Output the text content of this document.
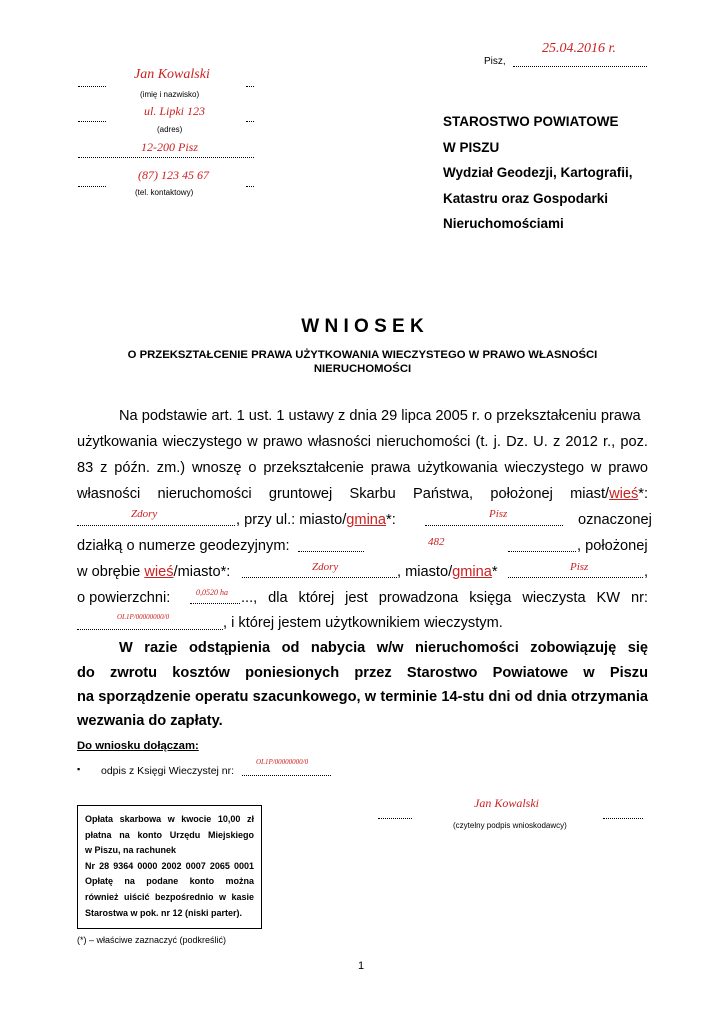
25.04.2016 r.
Pisz,
Jan Kowalski
(imię i nazwisko)
ul. Lipki 123
(adres)
12-200 Pisz
(87) 123 45 67
(tel. kontaktowy)
STAROSTWO POWIATOWE
W PISZU
Wydział Geodezji, Kartografii,
Katastru oraz Gospodarki
Nieruchomościami
W N I O S E K
O PRZEKSZTAŁCENIE PRAWA UŻYTKOWANIA WIECZYSTEGO W PRAWO WŁASNOŚCI
NIERUCHOMOŚCI
Na podstawie art. 1 ust. 1 ustawy z dnia 29 lipca 2005 r. o przekształceniu prawa
użytkowania wieczystego w prawo własności nieruchomości (t. j. Dz. U. z 2012 r., poz.
83 z późn. zm.) wnoszę o przekształcenie prawa użytkowania wieczystego w prawo
własności nieruchomości gruntowej Skarbu Państwa, położonej miast/wieś*:
Zdory	, przy ul.: miasto/gmina*:	Pisz	oznaczonej
działką o numerze geodezyjnym:	482	, położonej
w obrębie wieś/miasto*:	Zdory	, miasto/gmina*	Pisz	,
o powierzchni:	0,0520 ha ..., dla której jest prowadzona księga wieczysta KW nr:
OL1P/00000000/0	, i której jestem użytkownikiem wieczystym.
W razie odstąpienia od nabycia w/w nieruchomości zobowiązuję się
do zwrotu kosztów poniesionych przez Starostwo Powiatowe w Piszu
na sporządzenie operatu szacunkowego, w terminie 14-stu dni od dnia otrzymania
wezwania do zapłaty.
Do wniosku dołączam:
▪ odpis z Księgi Wieczystej nr:
OL1P/00000000/0
Opłata skarbowa w kwocie 10,00 zł
płatna na konto Urzędu Miejskiego
w Piszu, na rachunek
Nr 28 9364 0000 2002 0007 2065 0001
Opłatę na podane konto można
również uiścić bezpośrednio w kasie
Starostwa w pok. nr 12 (niski parter).
Jan Kowalski
(czytelny podpis wnioskodawcy)
(*) – właściwe zaznaczyć (podkreślić)
1
